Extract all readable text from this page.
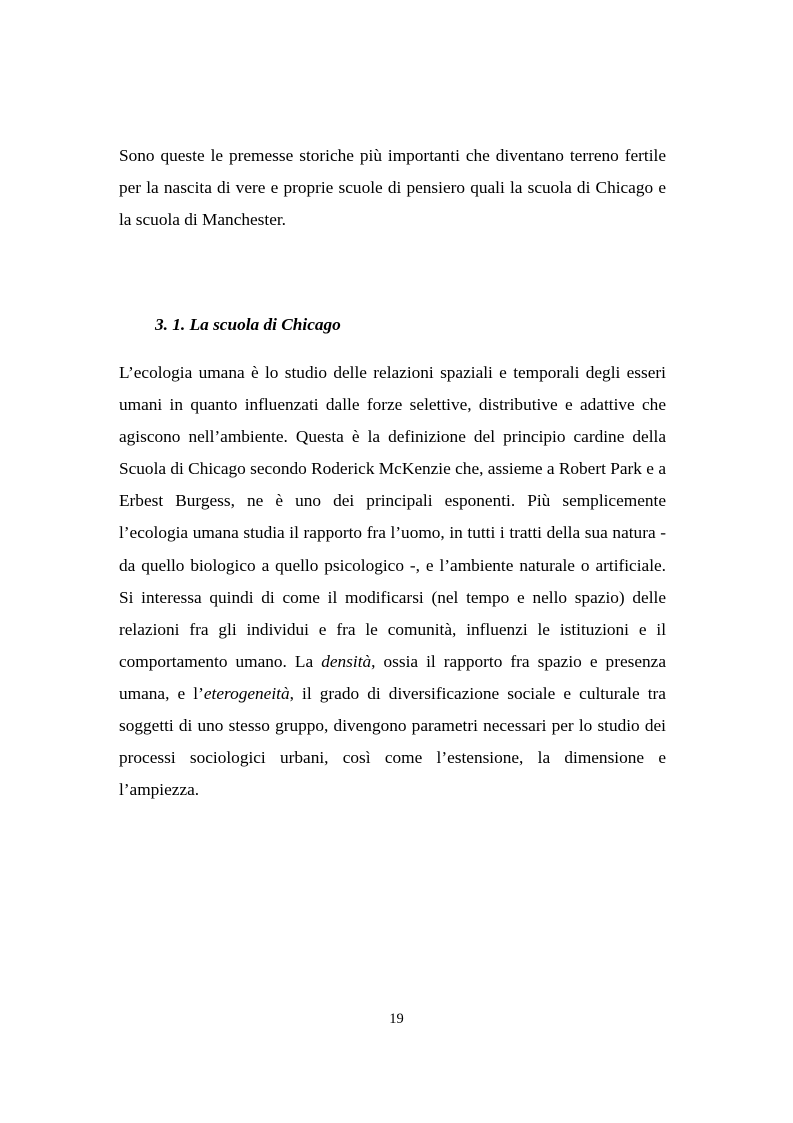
Sono queste le premesse storiche più importanti che diventano terreno fertile per la nascita di vere e proprie scuole di pensiero quali la scuola di Chicago e la scuola di Manchester.

3. 1. La scuola di Chicago

L’ecologia umana è lo studio delle relazioni spaziali e temporali degli esseri umani in quanto influenzati dalle forze selettive, distributive e adattive che agiscono nell’ambiente. Questa è la definizione del principio cardine della Scuola di Chicago secondo Roderick McKenzie che, assieme a Robert Park e a Erbest Burgess, ne è uno dei principali esponenti. Più semplicemente l’ecologia umana studia il rapporto fra l’uomo, in tutti i tratti della sua natura - da quello biologico a quello psicologico -, e l’ambiente naturale o artificiale. Si interessa quindi di come il modificarsi (nel tempo e nello spazio) delle relazioni fra gli individui e fra le comunità, influenzi le istituzioni e il comportamento umano. La densità, ossia il rapporto fra spazio e presenza umana, e l’eterogeneità, il grado di diversificazione sociale e culturale tra soggetti di uno stesso gruppo, divengono parametri necessari per lo studio dei processi sociologici urbani, così come l’estensione, la dimensione e l’ampiezza.

19
